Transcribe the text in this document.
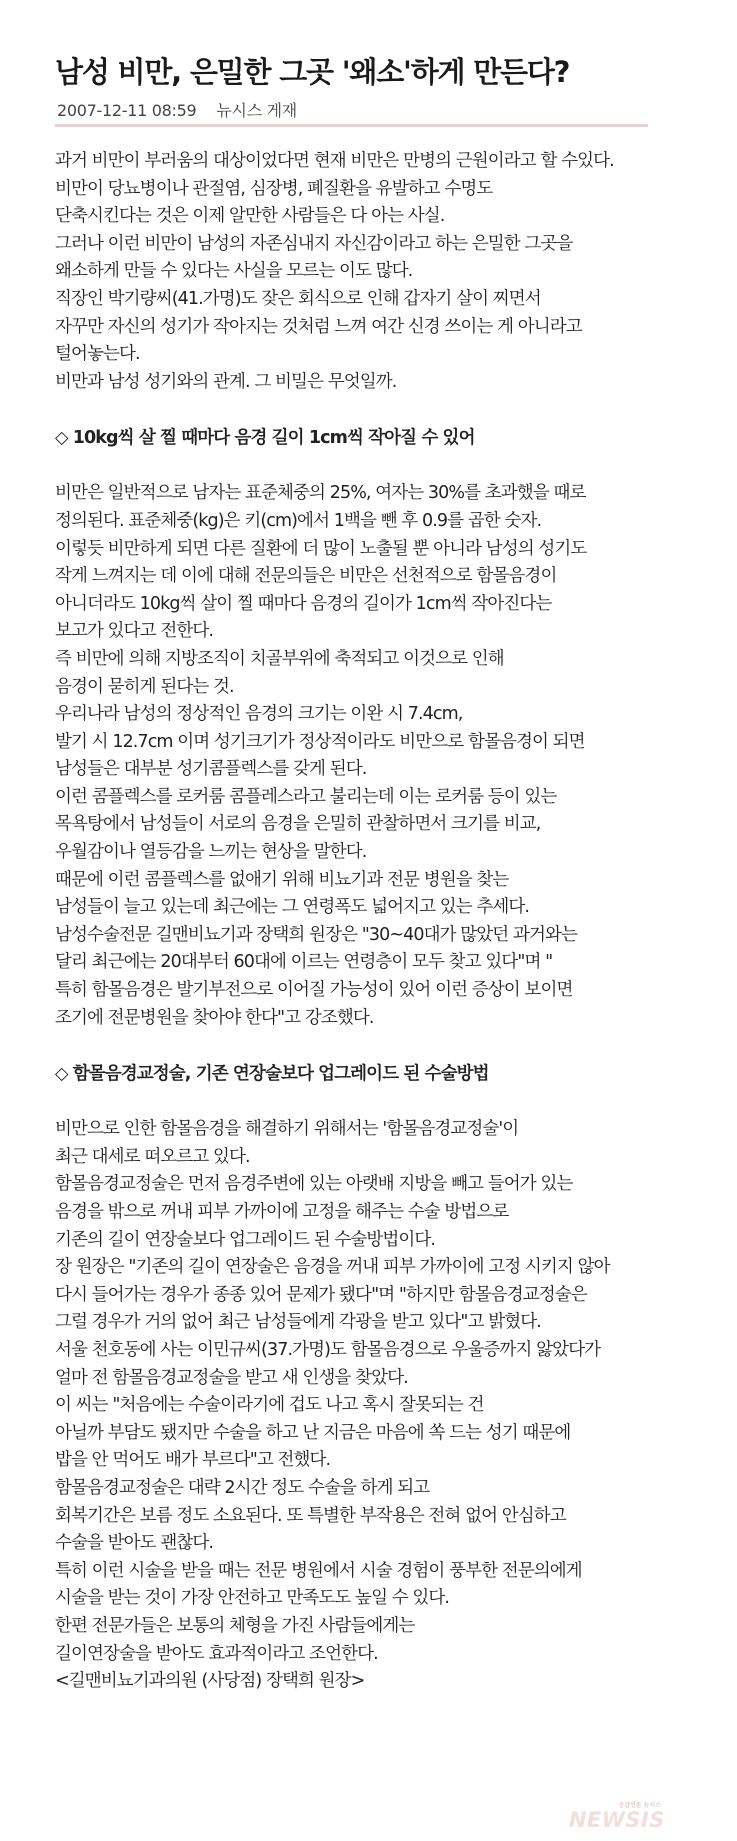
남성 비만, 은밀한 그곳 '왜소'하게 만든다?
2007-12-11 08:59 뉴시스 게재
과거 비만이 부러움의 대상이었다면 현재 비만은 만병의 근원이라고 할 수있다.
비만이 당뇨병이나 관절염, 심장병, 폐질환을 유발하고 수명도
단축시킨다는 것은 이제 알만한 사람들은 다 아는 사실.
그러나 이런 비만이 남성의 자존심내지 자신감이라고 하는 은밀한 그곳을
왜소하게 만들 수 있다는 사실을 모르는 이도 많다.
직장인 박기량씨(41.가명)도 잦은 회식으로 인해 갑자기 살이 찌면서
자꾸만 자신의 성기가 작아지는 것처럼 느껴 여간 신경 쓰이는 게 아니라고
털어놓는다.
비만과 남성 성기와의 관계. 그 비밀은 무엇일까.
◇ 10kg씩 살 찔 때마다 음경 길이 1cm씩 작아질 수 있어
비만은 일반적으로 남자는 표준체중의 25%, 여자는 30%를 초과했을 때로
정의된다. 표준체중(kg)은 키(cm)에서 1백을 뺀 후 0.9를 곱한 숫자.
이렇듯 비만하게 되면 다른 질환에 더 많이 노출될 뿐 아니라 남성의 성기도
작게 느껴지는 데 이에 대해 전문의들은 비만은 선천적으로 함몰음경이
아니더라도 10kg씩 살이 찔 때마다 음경의 길이가 1cm씩 작아진다는
보고가 있다고 전한다.
즉 비만에 의해 지방조직이 치골부위에 축적되고 이것으로 인해
음경이 묻히게 된다는 것.
우리나라 남성의 정상적인 음경의 크기는 이완 시 7.4cm,
발기 시 12.7cm 이며 성기크기가 정상적이라도 비만으로 함몰음경이 되면
남성들은 대부분 성기콤플렉스를 갖게 된다.
이런 콤플렉스를 로커룸 콤플레스라고 불리는데 이는 로커룸 등이 있는
목욕탕에서 남성들이 서로의 음경을 은밀히 관찰하면서 크기를 비교,
우월감이나 열등감을 느끼는 현상을 말한다.
때문에 이런 콤플렉스를 없애기 위해 비뇨기과 전문 병원을 찾는
남성들이 늘고 있는데 최근에는 그 연령폭도 넓어지고 있는 추세다.
남성수술전문 길맨비뇨기과 장택희 원장은 "30~40대가 많았던 과거와는
달리 최근에는 20대부터 60대에 이르는 연령층이 모두 찾고 있다"며 "
특히 함몰음경은 발기부전으로 이어질 가능성이 있어 이런 증상이 보이면
조기에 전문병원을 찾아야 한다"고 강조했다.
◇ 함몰음경교정술, 기존 연장술보다 업그레이드 된 수술방법
비만으로 인한 함몰음경을 해결하기 위해서는 '함몰음경교정술'이
최근 대세로 떠오르고 있다.
함몰음경교정술은 먼저 음경주변에 있는 아랫배 지방을 빼고 들어가 있는
음경을 밖으로 꺼내 피부 가까이에 고정을 해주는 수술 방법으로
기존의 길이 연장술보다 업그레이드 된 수술방법이다.
장 원장은 "기존의 길이 연장술은 음경을 꺼내 피부 가까이에 고정 시키지 않아
다시 들어가는 경우가 종종 있어 문제가 됐다"며 "하지만 함몰음경교정술은
그럴 경우가 거의 없어 최근 남성들에게 각광을 받고 있다"고 밝혔다.
서울 천호동에 사는 이민규씨(37.가명)도 함몰음경으로 우울증까지 앓았다가
얼마 전 함몰음경교정술을 받고 새 인생을 찾았다.
이 씨는 "처음에는 수술이라기에 겁도 나고 혹시 잘못되는 건
아닐까 부담도 됐지만 수술을 하고 난 지금은 마음에 쏙 드는 성기 때문에
밥을 안 먹어도 배가 부르다"고 전했다.
함몰음경교정술은 대략 2시간 정도 수술을 하게 되고
회복기간은 보름 정도 소요된다. 또 특별한 부작용은 전혀 없어 안심하고
수술을 받아도 괜찮다.
특히 이런 시술을 받을 때는 전문 병원에서 시술 경험이 풍부한 전문의에게
시술을 받는 것이 가장 안전하고 만족도도 높일 수 있다.
한편 전문가들은 보통의 체형을 가진 사람들에게는
길이연장술을 받아도 효과적이라고 조언한다.
<길맨비뇨기과의원 (사당점) 장택희 원장>
공감언론 뉴시스
NEWSIS
